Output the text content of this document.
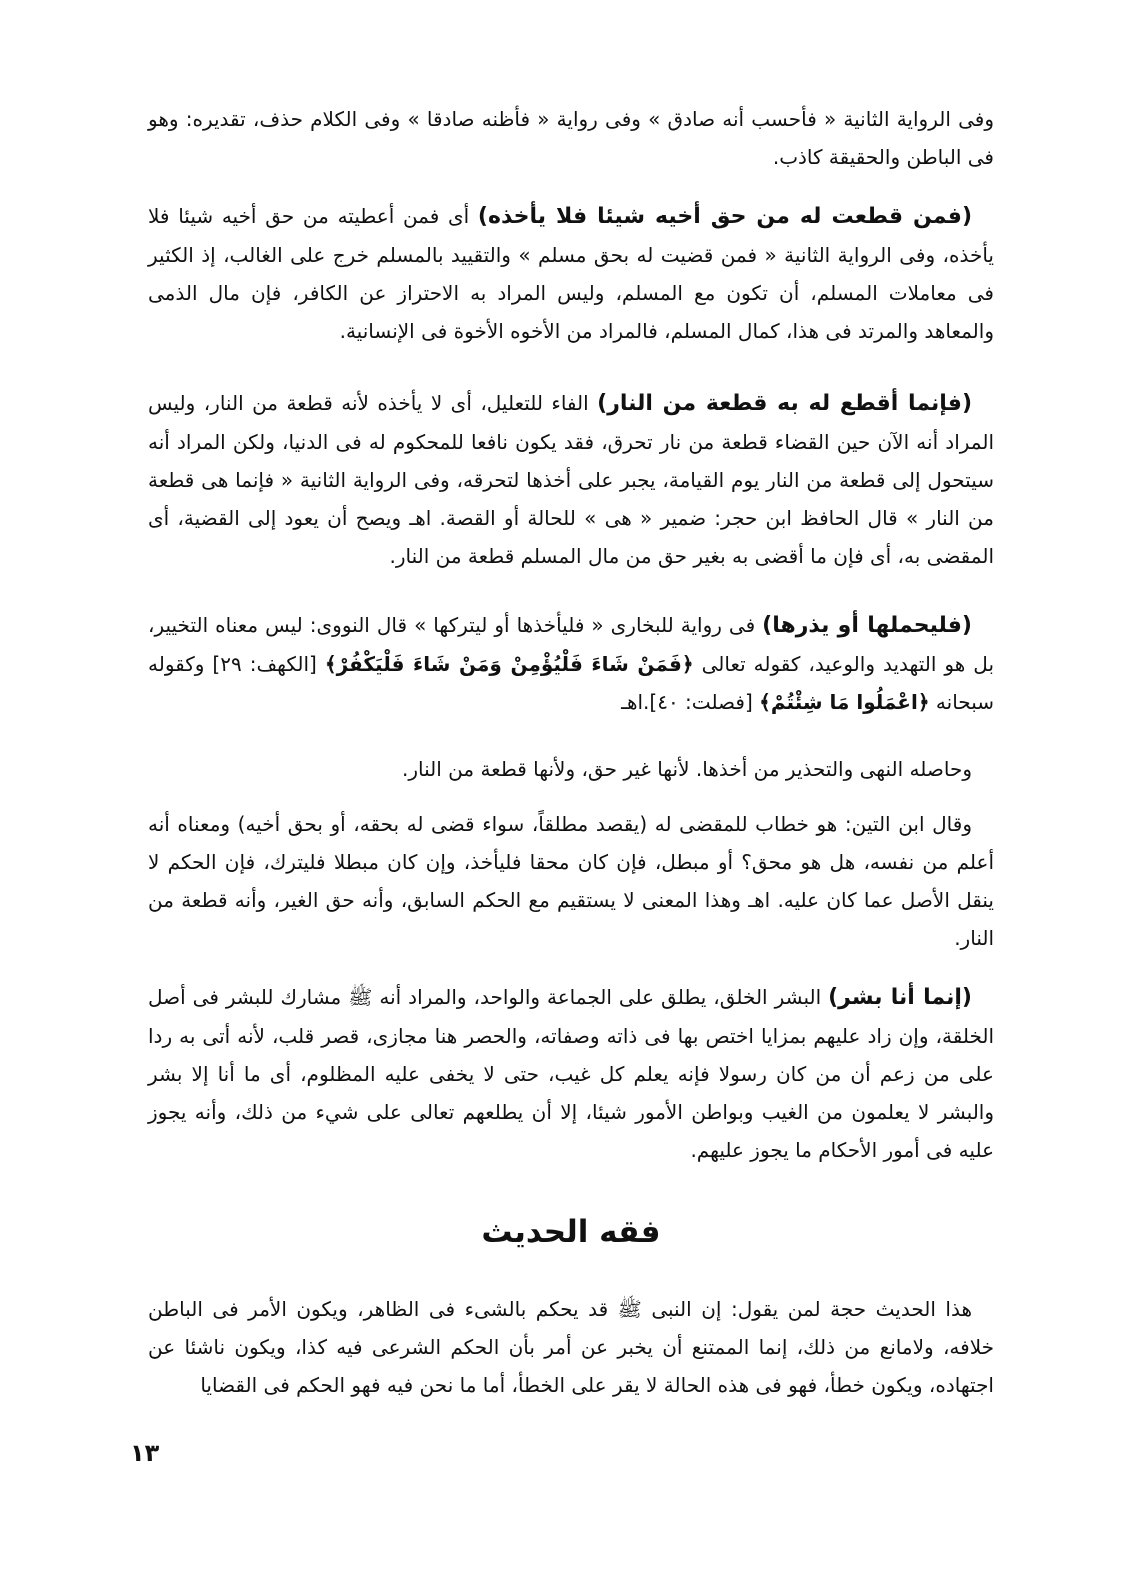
وفى الرواية الثانية « فأحسب أنه صادق » وفى رواية « فأظنه صادقا » وفى الكلام حذف، تقديره: وهو فى الباطن والحقيقة كاذب.

(فمن قطعت له من حق أخيه شيئا فلا يأخذه) أى فمن أعطيته من حق أخيه شيئا فلا يأخذه، وفى الرواية الثانية « فمن قضيت له بحق مسلم » والتقييد بالمسلم خرج على الغالب، إذ الكثير فى معاملات المسلم، أن تكون مع المسلم، وليس المراد به الاحتراز عن الكافر، فإن مال الذمى والمعاهد والمرتد فى هذا، كمال المسلم، فالمراد من الأخوه الأخوة فى الإنسانية.

(فإنما أقطع له به قطعة من النار) الفاء للتعليل، أى لا يأخذه لأنه قطعة من النار، وليس المراد أنه الآن حين القضاء قطعة من نار تحرق، فقد يكون نافعا للمحكوم له فى الدنيا، ولكن المراد أنه سيتحول إلى قطعة من النار يوم القيامة، يجبر على أخذها لتحرقه، وفى الرواية الثانية « فإنما هى قطعة من النار » قال الحافظ ابن حجر: ضمير « هى » للحالة أو القصة. اهـ ويصح أن يعود إلى القضية، أى المقضى به، أى فإن ما أقضى به بغير حق من مال المسلم قطعة من النار.

(فليحملها أو يذرها) فى رواية للبخارى « فليأخذها أو ليتركها » قال النووى: ليس معناه التخيير، بل هو التهديد والوعيد، كقوله تعالى ﴿فَمَنْ شَاءَ فَلْيُؤْمِنْ وَمَنْ شَاءَ فَلْيَكْفُرْ﴾ [الكهف: ٢٩] وكقوله سبحانه ﴿اعْمَلُوا مَا شِئْتُمْ﴾ [فصلت: ٤٠].اهـ

وحاصله النهى والتحذير من أخذها. لأنها غير حق، ولأنها قطعة من النار.

وقال ابن التين: هو خطاب للمقضى له (يقصد مطلقاً، سواء قضى له بحقه، أو بحق أخيه) ومعناه أنه أعلم من نفسه، هل هو محق؟ أو مبطل، فإن كان محقا فليأخذ، وإن كان مبطلا فليترك، فإن الحكم لا ينقل الأصل عما كان عليه. اهـ وهذا المعنى لا يستقيم مع الحكم السابق، وأنه حق الغير، وأنه قطعة من النار.

(إنما أنا بشر) البشر الخلق، يطلق على الجماعة والواحد، والمراد أنه ﷺ مشارك للبشر فى أصل الخلقة، وإن زاد عليهم بمزايا اختص بها فى ذاته وصفاته، والحصر هنا مجازى، قصر قلب، لأنه أتى به ردا على من زعم أن من كان رسولا فإنه يعلم كل غيب، حتى لا يخفى عليه المظلوم، أى ما أنا إلا بشر والبشر لا يعلمون من الغيب وبواطن الأمور شيئا، إلا أن يطلعهم تعالى على شيء من ذلك، وأنه يجوز عليه فى أمور الأحكام ما يجوز عليهم.

فقه الحديث

هذا الحديث حجة لمن يقول: إن النبى ﷺ قد يحكم بالشىء فى الظاهر، ويكون الأمر فى الباطن خلافه، ولامانع من ذلك، إنما الممتنع أن يخبر عن أمر بأن الحكم الشرعى فيه كذا، ويكون ناشئا عن اجتهاده، ويكون خطأ، فهو فى هذه الحالة لا يقر على الخطأ، أما ما نحن فيه فهو الحكم فى القضايا

١٣
